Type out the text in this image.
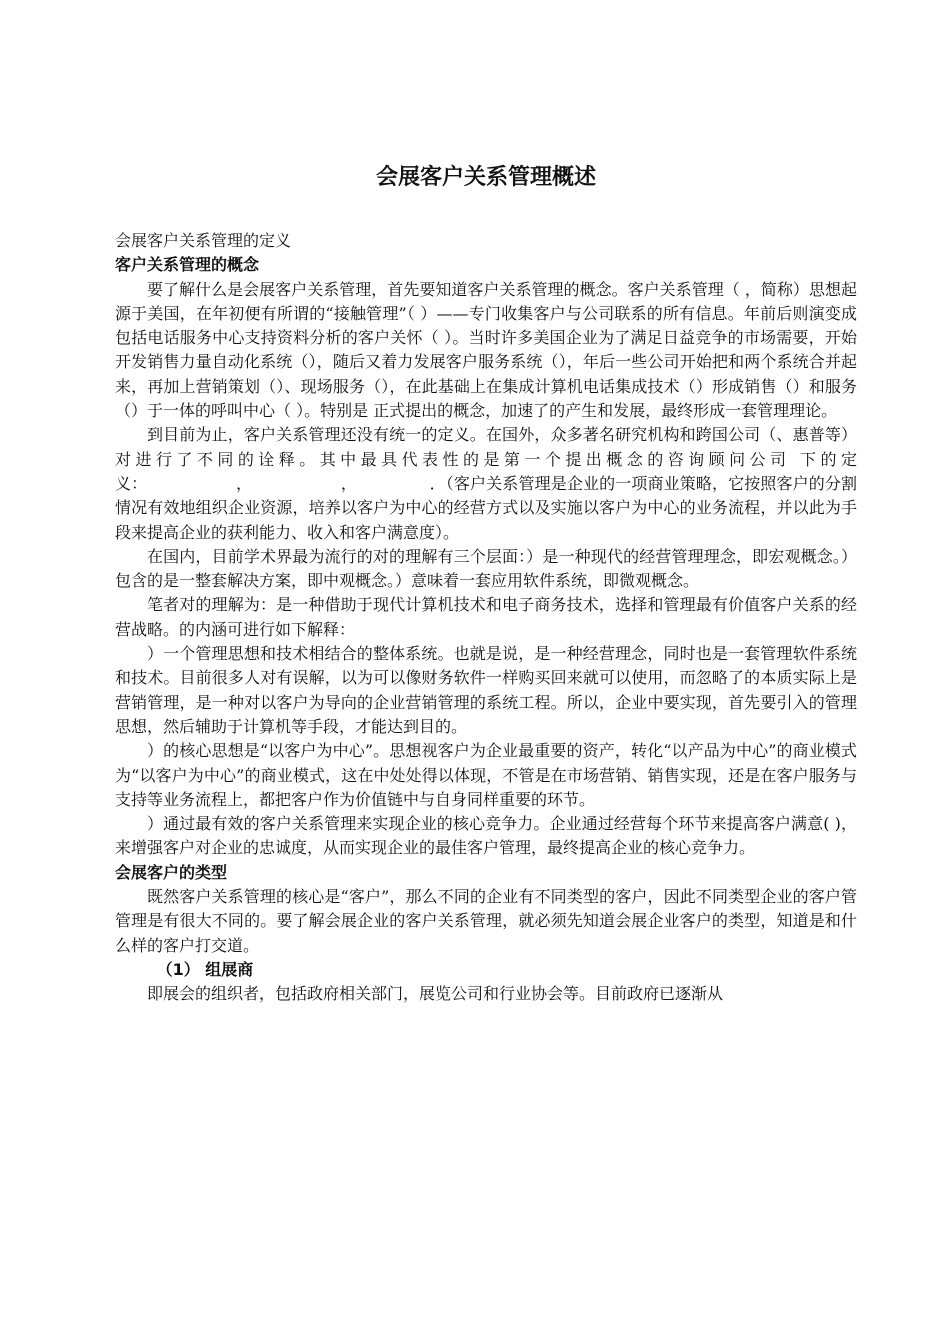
会展客户关系管理概述

会展客户关系管理的定义

客户关系管理的概念

要了解什么是会展客户关系管理，首先要知道客户关系管理的概念。客户关系管理（ ，简称）思想起源于美国，在年初便有所谓的“接触管理”（ ）——专门收集客户与公司联系的所有信息。年前后则演变成包括电话服务中心支持资料分析的客户关怀（ ）。当时许多美国企业为了满足日益竞争的市场需要，开始开发销售力量自动化系统（），随后又着力发展客户服务系统（），年后一些公司开始把和两个系统合并起来，再加上营销策划（）、现场服务（），在此基础上在集成计算机电话集成技术（）形成销售（）和服务（）于一体的呼叫中心（ ）。特别是 正式提出的概念，加速了的产生和发展，最终形成一套管理理论。

到目前为止，客户关系管理还没有统一的定义。在国外，众多著名研究机构和跨国公司（、惠普等）对进行了不同的诠释。其中最具代表性的是第一个提出概念的咨询顾问公司 下的定义：　　　　　　，　　　　　　，　　　　　．（客户关系管理是企业的一项商业策略，它按照客户的分割情况有效地组织企业资源，培养以客户为中心的经营方式以及实施以客户为中心的业务流程，并以此为手段来提高企业的获利能力、收入和客户满意度）。

在国内，目前学术界最为流行的对的理解有三个层面：）是一种现代的经营管理理念，即宏观概念。）包含的是一整套解决方案，即中观概念。）意味着一套应用软件系统，即微观概念。

笔者对的理解为：是一种借助于现代计算机技术和电子商务技术，选择和管理最有价值客户关系的经营战略。的内涵可进行如下解释：

）一个管理思想和技术相结合的整体系统。也就是说，是一种经营理念，同时也是一套管理软件系统和技术。目前很多人对有误解，以为可以像财务软件一样购买回来就可以使用，而忽略了的本质实际上是营销管理，是一种对以客户为导向的企业营销管理的系统工程。所以，企业中要实现，首先要引入的管理思想，然后辅助于计算机等手段，才能达到目的。

）的核心思想是“以客户为中心”。思想视客户为企业最重要的资产，转化“以产品为中心”的商业模式为“以客户为中心”的商业模式，这在中处处得以体现，不管是在市场营销、销售实现，还是在客户服务与支持等业务流程上，都把客户作为价值链中与自身同样重要的环节。

）通过最有效的客户关系管理来实现企业的核心竞争力。企业通过经营每个环节来提高客户满意( )，来增强客户对企业的忠诚度，从而实现企业的最佳客户管理，最终提高企业的核心竞争力。

会展客户的类型

既然客户关系管理的核心是“客户”，那么不同的企业有不同类型的客户，因此不同类型企业的客户管管理是有很大不同的。要了解会展企业的客户关系管理，就必须先知道会展企业客户的类型，知道是和什么样的客户打交道。

（1） 组展商

即展会的组织者，包括政府相关部门，展览公司和行业协会等。目前政府已逐渐从
